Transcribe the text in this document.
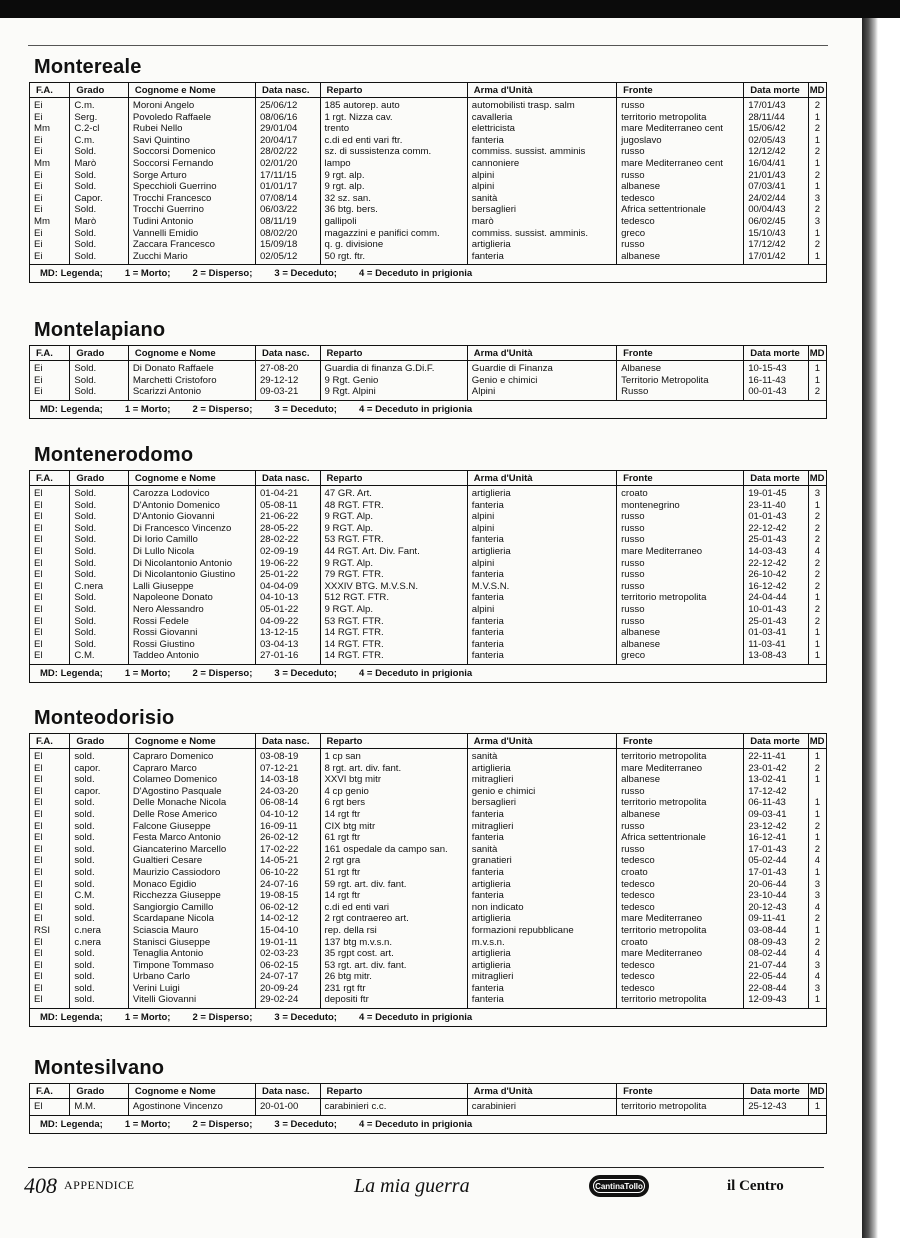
Montereale
F.A.	Grado	Cognome e Nome	Data nasc.	Reparto	Arma d'Unità	Fronte	Data morte	MD
Ei	C.m.	Moroni Angelo	25/06/12	185 autorep. auto	automobilisti trasp. salm	russo	17/01/43	2
Ei	Serg.	Povoledo Raffaele	08/06/16	1 rgt. Nizza cav.	cavalleria	territorio metropolita	28/11/44	1
Mm	C.2-cl	Rubei Nello	29/01/04	trento	elettricista	mare Mediterraneo cent	15/06/42	2
Ei	C.m.	Savi Quintino	20/04/17	c.di ed enti vari ftr.	fanteria	jugoslavo	02/05/43	1
Ei	Sold.	Soccorsi Domenico	28/02/22	sz. di sussistenza comm.	commiss. sussist. amminis	russo	12/12/42	2
Mm	Marò	Soccorsi Fernando	02/01/20	lampo	cannoniere	mare Mediterraneo cent	16/04/41	1
Ei	Sold.	Sorge Arturo	17/11/15	9 rgt. alp.	alpini	russo	21/01/43	2
Ei	Sold.	Specchioli Guerrino	01/01/17	9 rgt. alp.	alpini	albanese	07/03/41	1
Ei	Capor.	Trocchi Francesco	07/08/14	32 sz. san.	sanità	tedesco	24/02/44	3
Ei	Sold.	Trocchi Guerrino	06/03/22	36 btg. bers.	bersaglieri	Africa settentrionale	00/04/43	2
Mm	Marò	Tudini Antonio	08/11/19	gallipoli	marò	tedesco	06/02/45	3
Ei	Sold.	Vannelli Emidio	08/02/20	magazzini e panifici comm.	commiss. sussist. amminis.	greco	15/10/43	1
Ei	Sold.	Zaccara Francesco	15/09/18	q. g. divisione	artiglieria	russo	17/12/42	2
Ei	Sold.	Zucchi Mario	02/05/12	50 rgt. ftr.	fanteria	albanese	17/01/42	1
MD: Legenda; 1 = Morto; 2 = Disperso; 3 = Deceduto; 4 = Deceduto in prigionia
Montelapiano
F.A.	Grado	Cognome e Nome	Data nasc.	Reparto	Arma d'Unità	Fronte	Data morte	MD
Ei	Sold.	Di Donato Raffaele	27-08-20	Guardia di finanza G.Di.F.	Guardie di Finanza	Albanese	10-15-43	1
Ei	Sold.	Marchetti Cristoforo	29-12-12	9 Rgt. Genio	Genio e chimici	Territorio Metropolita	16-11-43	1
Ei	Sold.	Scarizzi Antonio	09-03-21	9 Rgt. Alpini	Alpini	Russo	00-01-43	2
MD: Legenda; 1 = Morto; 2 = Disperso; 3 = Deceduto; 4 = Deceduto in prigionia
Montenerodomo
F.A.	Grado	Cognome e Nome	Data nasc.	Reparto	Arma d'Unità	Fronte	Data morte	MD
El	Sold.	Carozza Lodovico	01-04-21	47 GR. Art.	artiglieria	croato	19-01-45	3
El	Sold.	D'Antonio Domenico	05-08-11	48 RGT. FTR.	fanteria	montenegrino	23-11-40	1
El	Sold.	D'Antonio Giovanni	21-06-22	9 RGT. Alp.	alpini	russo	01-01-43	2
El	Sold.	Di Francesco Vincenzo	28-05-22	9 RGT. Alp.	alpini	russo	22-12-42	2
El	Sold.	Di Iorio Camillo	28-02-22	53 RGT. FTR.	fanteria	russo	25-01-43	2
El	Sold.	Di Lullo Nicola	02-09-19	44 RGT. Art. Div. Fant.	artiglieria	mare Mediterraneo	14-03-43	4
El	Sold.	Di Nicolantonio Antonio	19-06-22	9 RGT. Alp.	alpini	russo	22-12-42	2
El	Sold.	Di Nicolantonio Giustino	25-01-22	79 RGT. FTR.	fanteria	russo	26-10-42	2
El	C.nera	Lalli Giuseppe	04-04-09	XXXIV BTG. M.V.S.N.	M.V.S.N.	russo	16-12-42	2
El	Sold.	Napoleone Donato	04-10-13	512 RGT. FTR.	fanteria	territorio metropolita	24-04-44	1
El	Sold.	Nero Alessandro	05-01-22	9 RGT. Alp.	alpini	russo	10-01-43	2
El	Sold.	Rossi Fedele	04-09-22	53 RGT. FTR.	fanteria	russo	25-01-43	2
El	Sold.	Rossi Giovanni	13-12-15	14 RGT. FTR.	fanteria	albanese	01-03-41	1
El	Sold.	Rossi Giustino	03-04-13	14 RGT. FTR.	fanteria	albanese	11-03-41	1
El	C.M.	Taddeo Antonio	27-01-16	14 RGT. FTR.	fanteria	greco	13-08-43	1
MD: Legenda; 1 = Morto; 2 = Disperso; 3 = Deceduto; 4 = Deceduto in prigionia
Monteodorisio
F.A.	Grado	Cognome e Nome	Data nasc.	Reparto	Arma d'Unità	Fronte	Data morte	MD
El	sold.	Capraro Domenico	03-08-19	1 cp san	sanità	territorio metropolita	22-11-41	1
El	capor.	Capraro Marco	07-12-21	8 rgt. art. div. fant.	artiglieria	mare Mediterraneo	23-01-42	2
El	sold.	Colameo Domenico	14-03-18	XXVI btg mitr	mitraglieri	albanese	13-02-41	1
El	capor.	D'Agostino Pasquale	24-03-20	4 cp genio	genio e chimici	russo	17-12-42	
El	sold.	Delle Monache Nicola	06-08-14	6 rgt bers	bersaglieri	territorio metropolita	06-11-43	1
El	sold.	Delle Rose Americo	04-10-12	14 rgt ftr	fanteria	albanese	09-03-41	1
El	sold.	Falcone Giuseppe	16-09-11	CIX btg mitr	mitraglieri	russo	23-12-42	2
El	sold.	Festa Marco Antonio	26-02-12	61 rgt ftr	fanteria	Africa settentrionale	16-12-41	1
El	sold.	Giancaterino Marcello	17-02-22	161 ospedale da campo san.	sanità	russo	17-01-43	2
El	sold.	Gualtieri Cesare	14-05-21	2 rgt gra	granatieri	tedesco	05-02-44	4
El	sold.	Maurizio Cassiodoro	06-10-22	51 rgt ftr	fanteria	croato	17-01-43	1
El	sold.	Monaco Egidio	24-07-16	59 rgt. art. div. fant.	artiglieria	tedesco	20-06-44	3
El	C.M.	Ricchezza Giuseppe	19-08-15	14 rgt ftr	fanteria	tedesco	23-10-44	3
El	sold.	Sangiorgio Camillo	06-02-12	c.di ed enti vari	non indicato	tedesco	20-12-43	4
El	sold.	Scardapane Nicola	14-02-12	2 rgt contraereo art.	artiglieria	mare Mediterraneo	09-11-41	2
RSI	c.nera	Sciascia Mauro	15-04-10	rep. della rsi	formazioni repubblicane	territorio metropolita	03-08-44	1
El	c.nera	Stanisci Giuseppe	19-01-11	137 btg m.v.s.n.	m.v.s.n.	croato	08-09-43	2
El	sold.	Tenaglia Antonio	02-03-23	35 rgpt cost. art.	artiglieria	mare Mediterraneo	08-02-44	4
El	sold.	Timpone Tommaso	06-02-15	53 rgt. art. div. fant.	artiglieria	tedesco	21-07-44	3
El	sold.	Urbano Carlo	24-07-17	26 btg mitr.	mitraglieri	tedesco	22-05-44	4
El	sold.	Verini Luigi	20-09-24	231 rgt ftr	fanteria	tedesco	22-08-44	3
El	sold.	Vitelli Giovanni	29-02-24	depositi ftr	fanteria	territorio metropolita	12-09-43	1
MD: Legenda; 1 = Morto; 2 = Disperso; 3 = Deceduto; 4 = Deceduto in prigionia
Montesilvano
F.A.	Grado	Cognome e Nome	Data nasc.	Reparto	Arma d'Unità	Fronte	Data morte	MD
El	M.M.	Agostinone Vincenzo	20-01-00	carabinieri c.c.	carabinieri	territorio metropolita	25-12-43	1
MD: Legenda; 1 = Morto; 2 = Disperso; 3 = Deceduto; 4 = Deceduto in prigionia
408 APPENDICE	La mia guerra	CantinaTollo	il Centro
